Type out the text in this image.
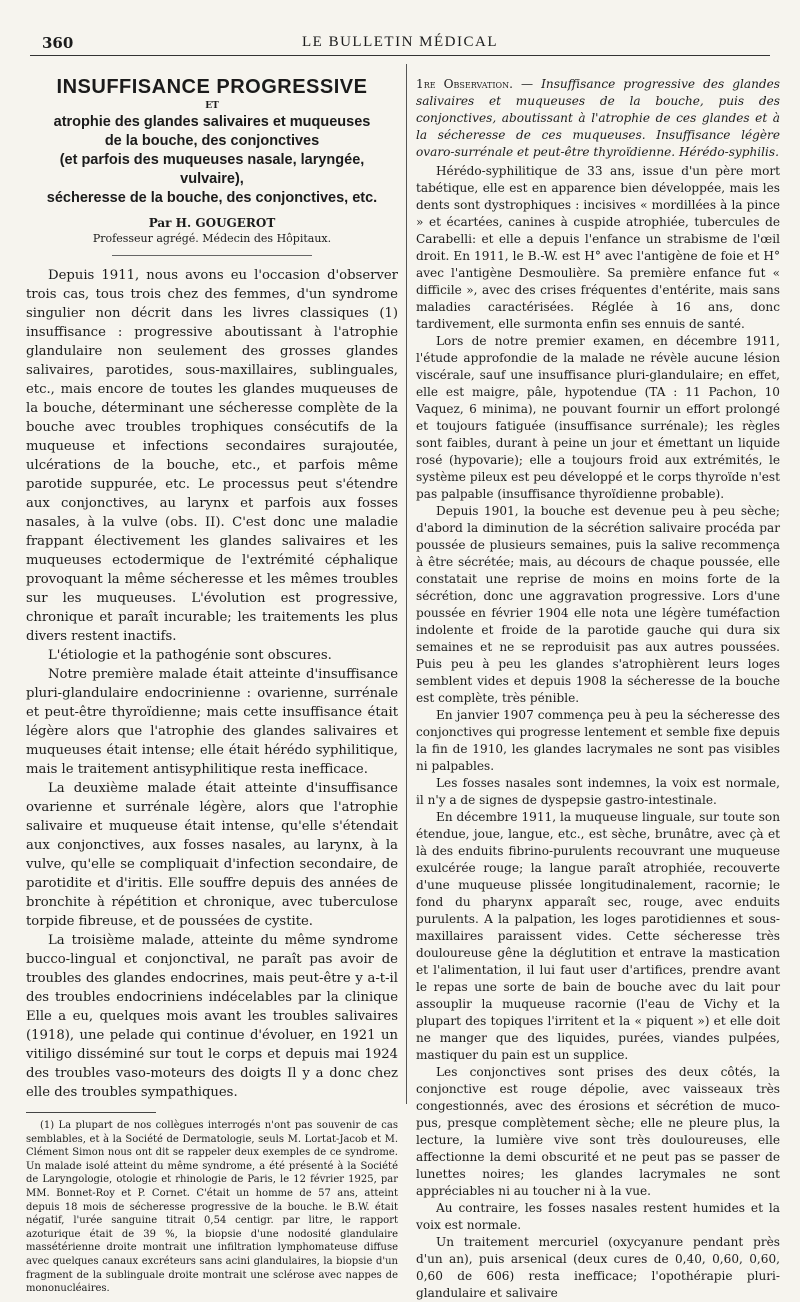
360	LE BULLETIN MÉDICAL
INSUFFISANCE PROGRESSIVE
ET
atrophie des glandes salivaires et muqueuses
de la bouche, des conjonctives
(et parfois des muqueuses nasale, laryngée, vulvaire),
sécheresse de la bouche, des conjonctives, etc.
Par H. GOUGEROT
Professeur agrégé. Médecin des Hôpitaux.

Depuis 1911, nous avons eu l'occasion d'observer trois cas, tous trois chez des femmes, d'un syndrome singulier non décrit dans les livres classiques (1) insuffisance : progressive aboutissant à l'atrophie glandulaire non seulement des grosses glandes salivaires, parotides, sous-maxillaires, sublinguales, etc., mais encore de toutes les glandes muqueuses de la bouche, déterminant une sécheresse complète de la bouche avec troubles trophiques consécutifs de la muqueuse et infections secondaires surajoutée, ulcérations de la bouche, etc., et parfois même parotide suppurée, etc. Le processus peut s'étendre aux conjonctives, au larynx et parfois aux fosses nasales, à la vulve (obs. II). C'est donc une maladie frappant électivement les glandes salivaires et les muqueuses ectodermique de l'extrémité céphalique provoquant la même sécheresse et les mêmes troubles sur les muqueuses. L'évolution est progressive, chronique et paraît incurable; les traitements les plus divers restent inactifs.

L'étiologie et la pathogénie sont obscures.

Notre première malade était atteinte d'insuffisance pluri-glandulaire endocrinienne : ovarienne, surrénale et peut-être thyroïdienne; mais cette insuffisance était légère alors que l'atrophie des glandes salivaires et muqueuses était intense; elle était hérédo syphilitique, mais le traitement antisyphilitique resta inefficace.

La deuxième malade était atteinte d'insuffisance ovarienne et surrénale légère, alors que l'atrophie salivaire et muqueuse était intense, qu'elle s'étendait aux conjonctives, aux fosses nasales, au larynx, à la vulve, qu'elle se compliquait d'infection secondaire, de parotidite et d'iritis. Elle souffre depuis des années de bronchite à répétition et chronique, avec tuberculose torpide fibreuse, et de poussées de cystite.

La troisième malade, atteinte du même syndrome bucco-lingual et conjonctival, ne paraît pas avoir de troubles des glandes endocrines, mais peut-être y a-t-il des troubles endocriniens indécelables par la clinique Elle a eu, quelques mois avant les troubles salivaires (1918), une pelade qui continue d'évoluer, en 1921 un vitiligo disséminé sur tout le corps et depuis mai 1924 des troubles vaso-moteurs des doigts Il y a donc chez elle des troubles sympathiques.

(1) La plupart de nos collègues interrogés n'ont pas souvenir de cas semblables, et à la Société de Dermatologie, seuls M. Lortat-Jacob et M. Clément Simon nous ont dit se rappeler deux exemples de ce syndrome. Un malade isolé atteint du même syndrome, a été présenté à la Société de Laryngologie, otologie et rhinologie de Paris, le 12 février 1925, par MM. Bonnet-Roy et P. Cornet. C'était un homme de 57 ans, atteint depuis 18 mois de sécheresse progressive de la bouche. le B.W. était négatif, l'urée sanguine titrait 0,54 centigr. par litre, le rapport azoturique était de 39 %, la biopsie d'une nodosité glandulaire massétérienne droite montrait une infiltration lymphomateuse diffuse avec quelques canaux excréteurs sans acini glandulaires, la biopsie d'un fragment de la sublinguale droite montrait une sclérose avec nappes de mononucléaires.

1re Observation. — Insuffisance progressive des glandes salivaires et muqueuses de la bouche, puis des conjonctives, aboutissant à l'atrophie de ces glandes et à la sécheresse de ces muqueuses. Insuffisance légère ovaro-surrénale et peut-être thyroïdienne. Hérédo-syphilis.

Hérédo-syphilitique de 33 ans, issue d'un père mort tabétique, elle est en apparence bien développée, mais les dents sont dystrophiques : incisives « mordillées à la pince » et écartées, canines à cuspide atrophiée, tubercules de Carabelli: et elle a depuis l'enfance un strabisme de l'œil droit. En 1911, le B.-W. est H° avec l'antigène de foie et H° avec l'antigène Desmoulière. Sa première enfance fut « difficile », avec des crises fréquentes d'entérite, mais sans maladies caractérisées. Réglée à 16 ans, donc tardivement, elle surmonta enfin ses ennuis de santé.

Lors de notre premier examen, en décembre 1911, l'étude approfondie de la malade ne révèle aucune lésion viscérale, sauf une insuffisance pluri-glandulaire; en effet, elle est maigre, pâle, hypotendue (TA : 11 Pachon, 10 Vaquez, 6 minima), ne pouvant fournir un effort prolongé et toujours fatiguée (insuffisance surrénale); les règles sont faibles, durant à peine un jour et émettant un liquide rosé (hypovarie); elle a toujours froid aux extrémités, le système pileux est peu développé et le corps thyroïde n'est pas palpable (insuffisance thyroïdienne probable).

Depuis 1901, la bouche est devenue peu à peu sèche; d'abord la diminution de la sécrétion salivaire procéda par poussée de plusieurs semaines, puis la salive recommença à être sécrétée; mais, au décours de chaque poussée, elle constatait une reprise de moins en moins forte de la sécrétion, donc une aggravation progressive. Lors d'une poussée en février 1904 elle nota une légère tuméfaction indolente et froide de la parotide gauche qui dura six semaines et ne se reproduisit pas aux autres poussées. Puis peu à peu les glandes s'atrophièrent leurs loges semblent vides et depuis 1908 la sécheresse de la bouche est complète, très pénible.

En janvier 1907 commença peu à peu la sécheresse des conjonctives qui progresse lentement et semble fixe depuis la fin de 1910, les glandes lacrymales ne sont pas visibles ni palpables.

Les fosses nasales sont indemnes, la voix est normale, il n'y a de signes de dyspepsie gastro-intestinale.

En décembre 1911, la muqueuse linguale, sur toute son étendue, joue, langue, etc., est sèche, brunâtre, avec çà et là des enduits fibrino-purulents recouvrant une muqueuse exulcérée rouge; la langue paraît atrophiée, recouverte d'une muqueuse plissée longitudinalement, racornie; le fond du pharynx apparaît sec, rouge, avec enduits purulents. A la palpation, les loges parotidiennes et sous-maxillaires paraissent vides. Cette sécheresse très douloureuse gêne la déglutition et entrave la mastication et l'alimentation, il lui faut user d'artifices, prendre avant le repas une sorte de bain de bouche avec du lait pour assouplir la muqueuse racornie (l'eau de Vichy et la plupart des topiques l'irritent et la « piquent ») et elle doit ne manger que des liquides, purées, viandes pulpées, mastiquer du pain est un supplice.

Les conjonctives sont prises des deux côtés, la conjonctive est rouge dépolie, avec vaisseaux très congestionnés, avec des érosions et sécrétion de muco-pus, presque complètement sèche; elle ne pleure plus, la lecture, la lumière vive sont très douloureuses, elle affectionne la demi obscurité et ne peut pas se passer de lunettes noires; les glandes lacrymales ne sont appréciables ni au toucher ni à la vue.

Au contraire, les fosses nasales restent humides et la voix est normale.

Un traitement mercuriel (oxycyanure pendant près d'un an), puis arsenical (deux cures de 0,40, 0,60, 0,60, 0,60 de 606) resta inefficace; l'opothérapie pluri-glandulaire et salivaire
